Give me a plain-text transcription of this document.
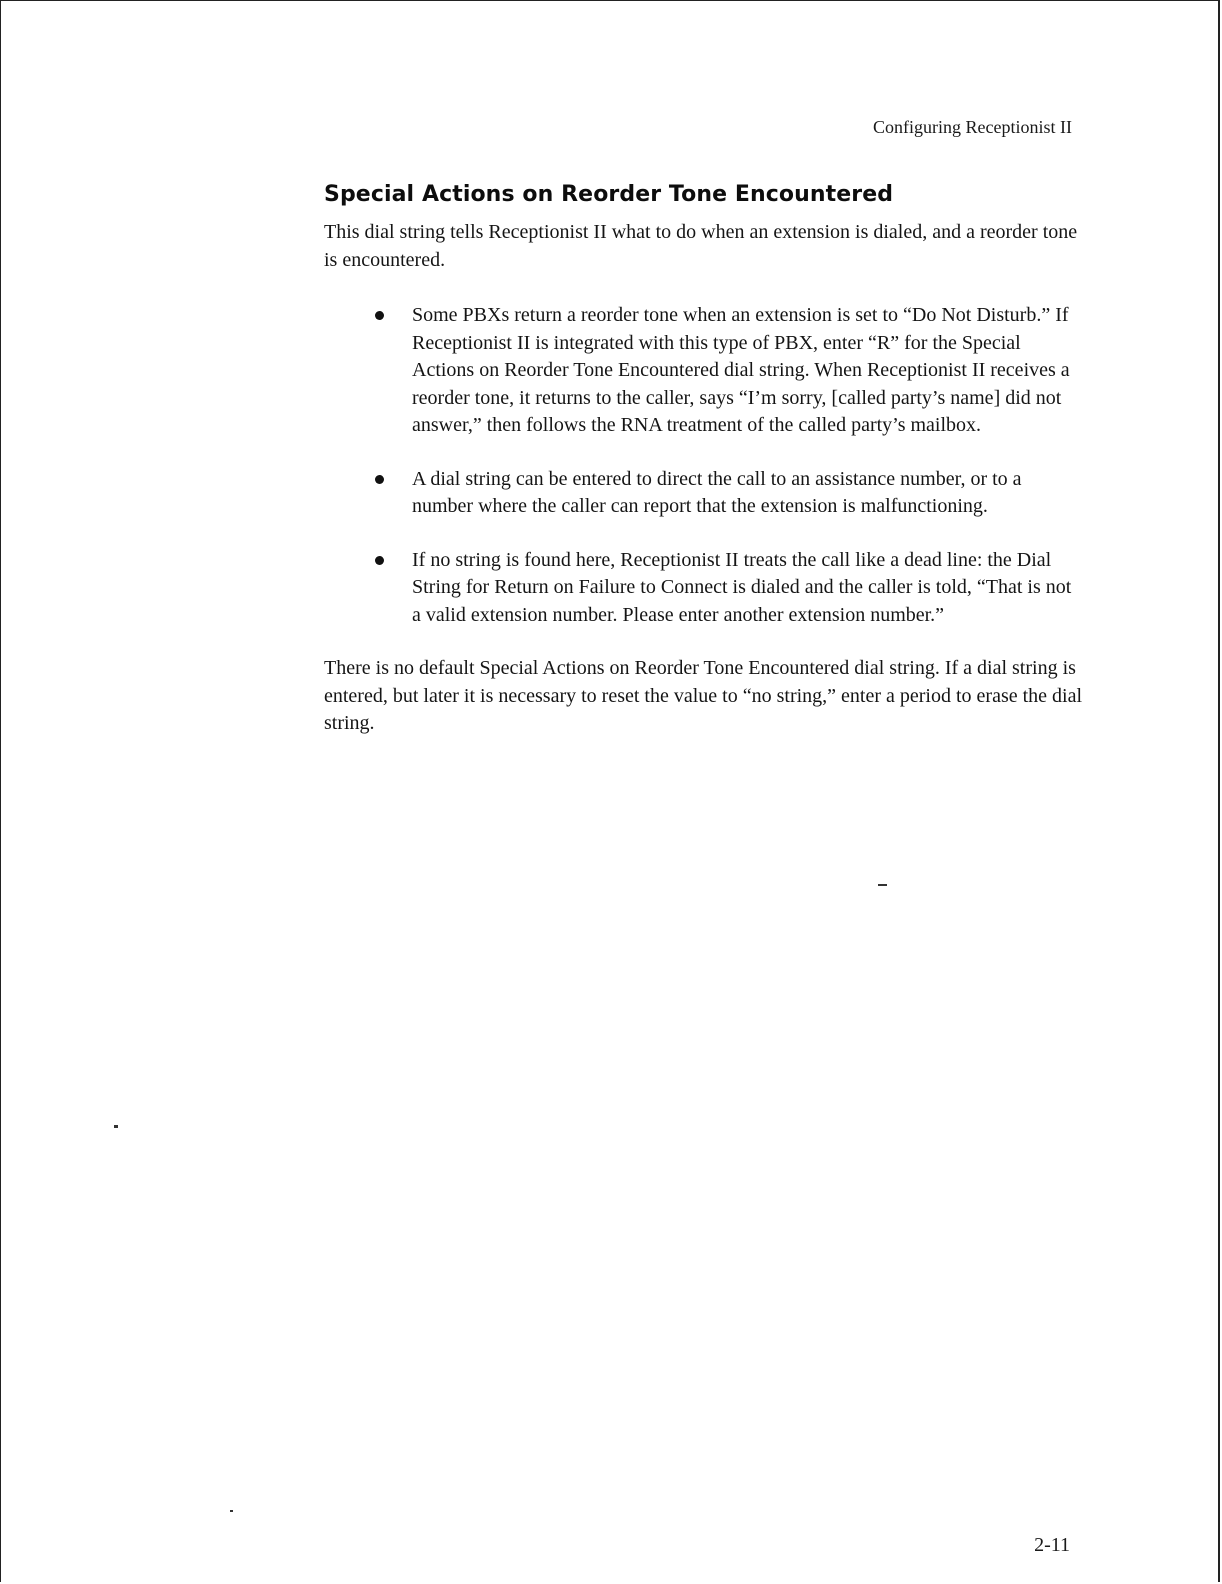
Configuring Receptionist II
Special Actions on Reorder Tone Encountered

This dial string tells Receptionist II what to do when an extension is dialed, and a reorder tone is encountered.

Some PBXs return a reorder tone when an extension is set to “Do Not Disturb.” If Receptionist II is integrated with this type of PBX, enter “R” for the Special Actions on Reorder Tone Encountered dial string. When Receptionist II receives a reorder tone, it returns to the caller, says “I’m sorry, [called party’s name] did not answer,” then follows the RNA treatment of the called party’s mailbox.
A dial string can be entered to direct the call to an assistance number, or to a number where the caller can report that the extension is malfunctioning.
If no string is found here, Receptionist II treats the call like a dead line: the Dial String for Return on Failure to Connect is dialed and the caller is told, “That is not a valid extension number. Please enter another extension number.”

There is no default Special Actions on Reorder Tone Encountered dial string. If a dial string is entered, but later it is necessary to reset the value to “no string,” enter a period to erase the dial string.

2-11
